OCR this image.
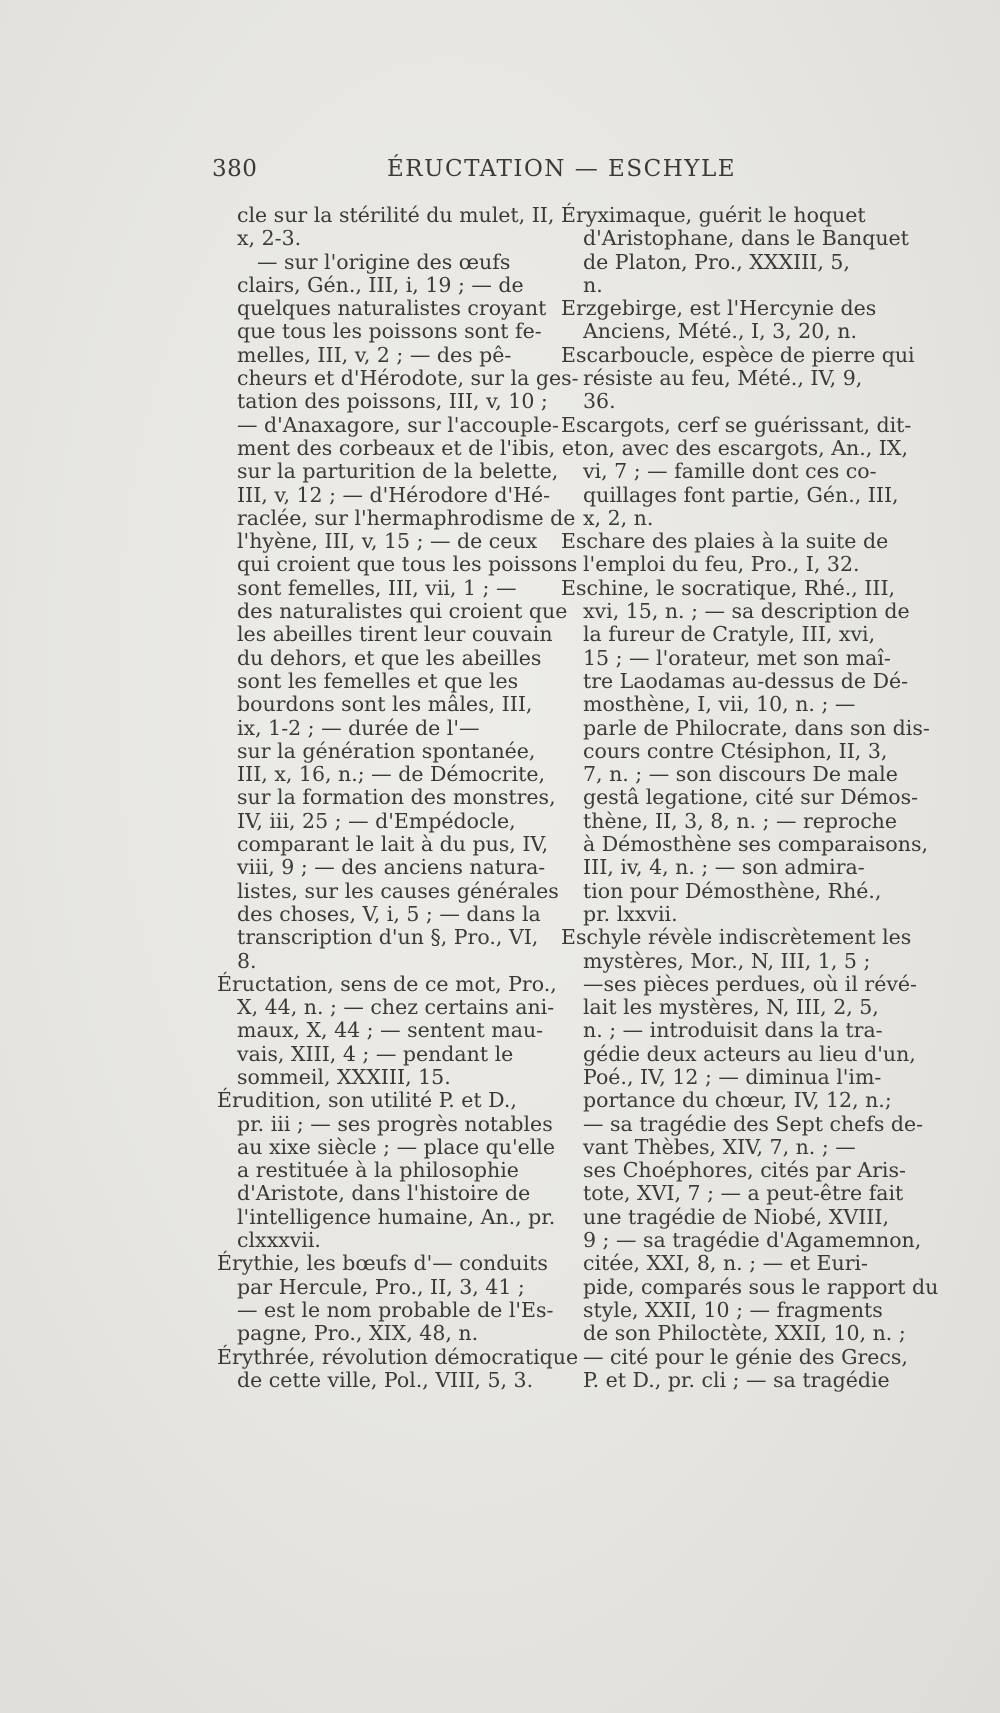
380	ÉRUCTATION — ESCHYLE
cle sur la stérilité du mulet, II,
x, 2-3.
— sur l'origine des œufs
clairs, Gén., III, i, 19 ; — de
quelques naturalistes croyant
que tous les poissons sont fe-
melles, III, v, 2 ; — des pê-
cheurs et d'Hérodote, sur la ges-
tation des poissons, III, v, 10 ;
— d'Anaxagore, sur l'accouple-
ment des corbeaux et de l'ibis, et
sur la parturition de la belette,
III, v, 12 ; — d'Hérodore d'Hé-
raclée, sur l'hermaphrodisme de
l'hyène, III, v, 15 ; — de ceux
qui croient que tous les poissons
sont femelles, III, vii, 1 ; —
des naturalistes qui croient que
les abeilles tirent leur couvain
du dehors, et que les abeilles
sont les femelles et que les
bourdons sont les mâles, III,
ix, 1-2 ; — durée de l'—
sur la génération spontanée,
III, x, 16, n.; — de Démocrite,
sur la formation des monstres,
IV, iii, 25 ; — d'Empédocle,
comparant le lait à du pus, IV,
viii, 9 ; — des anciens natura-
listes, sur les causes générales
des choses, V, i, 5 ; — dans la
transcription d'un §, Pro., VI,
8.
Éructation, sens de ce mot, Pro.,
X, 44, n. ; — chez certains ani-
maux, X, 44 ; — sentent mau-
vais, XIII, 4 ; — pendant le
sommeil, XXXIII, 15.
Érudition, son utilité P. et D.,
pr. iii ; — ses progrès notables
au xixe siècle ; — place qu'elle
a restituée à la philosophie
d'Aristote, dans l'histoire de
l'intelligence humaine, An., pr.
clxxxvii.
Érythie, les bœufs d'— conduits
par Hercule, Pro., II, 3, 41 ;
— est le nom probable de l'Es-
pagne, Pro., XIX, 48, n.
Érythrée, révolution démocratique
de cette ville, Pol., VIII, 5, 3.
Éryximaque, guérit le hoquet
d'Aristophane, dans le Banquet
de Platon, Pro., XXXIII, 5,
n.
Erzgebirge, est l'Hercynie des
Anciens, Mété., I, 3, 20, n.
Escarboucle, espèce de pierre qui
résiste au feu, Mété., IV, 9,
36.
Escargots, cerf se guérissant, dit-
on, avec des escargots, An., IX,
vi, 7 ; — famille dont ces co-
quillages font partie, Gén., III,
x, 2, n.
Eschare des plaies à la suite de
l'emploi du feu, Pro., I, 32.
Eschine, le socratique, Rhé., III,
xvi, 15, n. ; — sa description de
la fureur de Cratyle, III, xvi,
15 ; — l'orateur, met son maî-
tre Laodamas au-dessus de Dé-
mosthène, I, vii, 10, n. ; —
parle de Philocrate, dans son dis-
cours contre Ctésiphon, II, 3,
7, n. ; — son discours De male
gestâ legatione, cité sur Démos-
thène, II, 3, 8, n. ; — reproche
à Démosthène ses comparaisons,
III, iv, 4, n. ; — son admira-
tion pour Démosthène, Rhé.,
pr. lxxvii.
Eschyle révèle indiscrètement les
mystères, Mor., N, III, 1, 5 ;
—ses pièces perdues, où il révé-
lait les mystères, N, III, 2, 5,
n. ; — introduisit dans la tra-
gédie deux acteurs au lieu d'un,
Poé., IV, 12 ; — diminua l'im-
portance du chœur, IV, 12, n.;
— sa tragédie des Sept chefs de-
vant Thèbes, XIV, 7, n. ; —
ses Choéphores, cités par Aris-
tote, XVI, 7 ; — a peut-être fait
une tragédie de Niobé, XVIII,
9 ; — sa tragédie d'Agamemnon,
citée, XXI, 8, n. ; — et Euri-
pide, comparés sous le rapport du
style, XXII, 10 ; — fragments
de son Philoctète, XXII, 10, n. ;
— cité pour le génie des Grecs,
P. et D., pr. cli ; — sa tragédie
